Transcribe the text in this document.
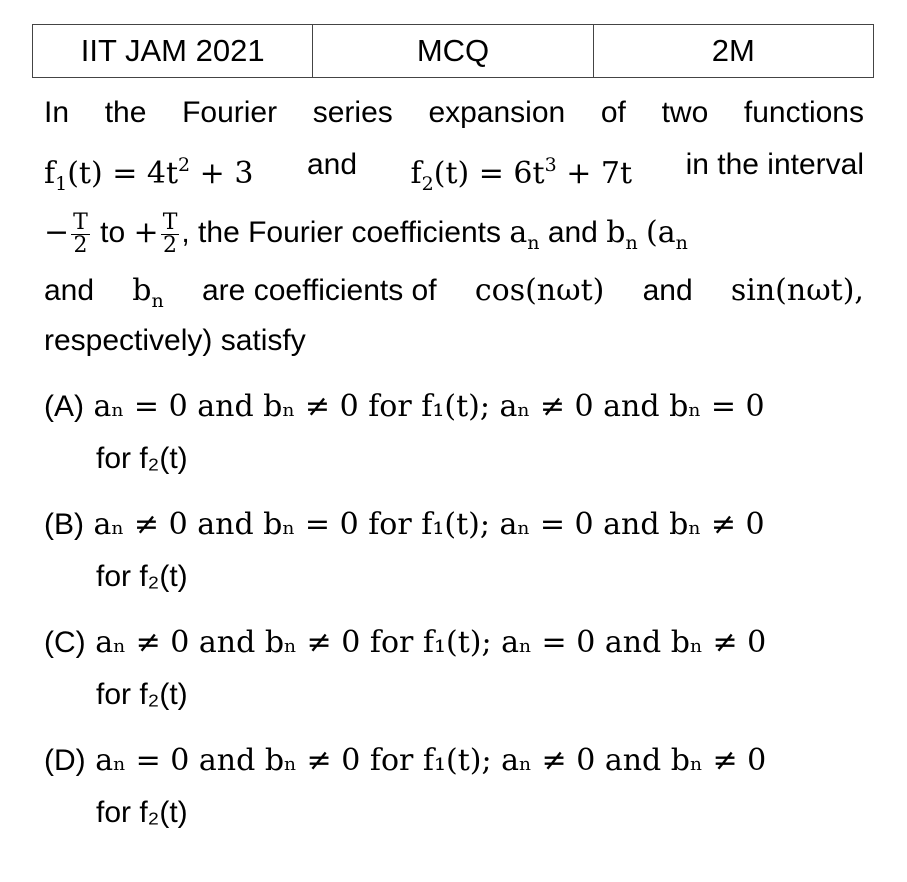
IIT JAM 2021	MCQ	2M
In the Fourier series expansion of two functions
$f_1(t) = 4t^2 + 3$ and $f_2(t) = 6t^3 + 7t$ in the interval
− $\frac{T}{2}$ to + $\frac{T}{2}$ , the Fourier coefficients $a_n$ and $b_n$ ($a_n$
and $b_n$ are coefficients of cos(nωt) and sin(nωt),
respectively) satisfy
(A) aₙ = 0 and bₙ ≠ 0 for f₁(t); aₙ ≠ 0 and bₙ = 0
for f₂(t)
(B) aₙ ≠ 0 and bₙ = 0 for f₁(t); aₙ = 0 and bₙ ≠ 0
for f₂(t)
(C) aₙ ≠ 0 and bₙ ≠ 0 for f₁(t); aₙ = 0 and bₙ ≠ 0
for f₂(t)
(D) aₙ = 0 and bₙ ≠ 0 for f₁(t); aₙ ≠ 0 and bₙ ≠ 0
for f₂(t)
